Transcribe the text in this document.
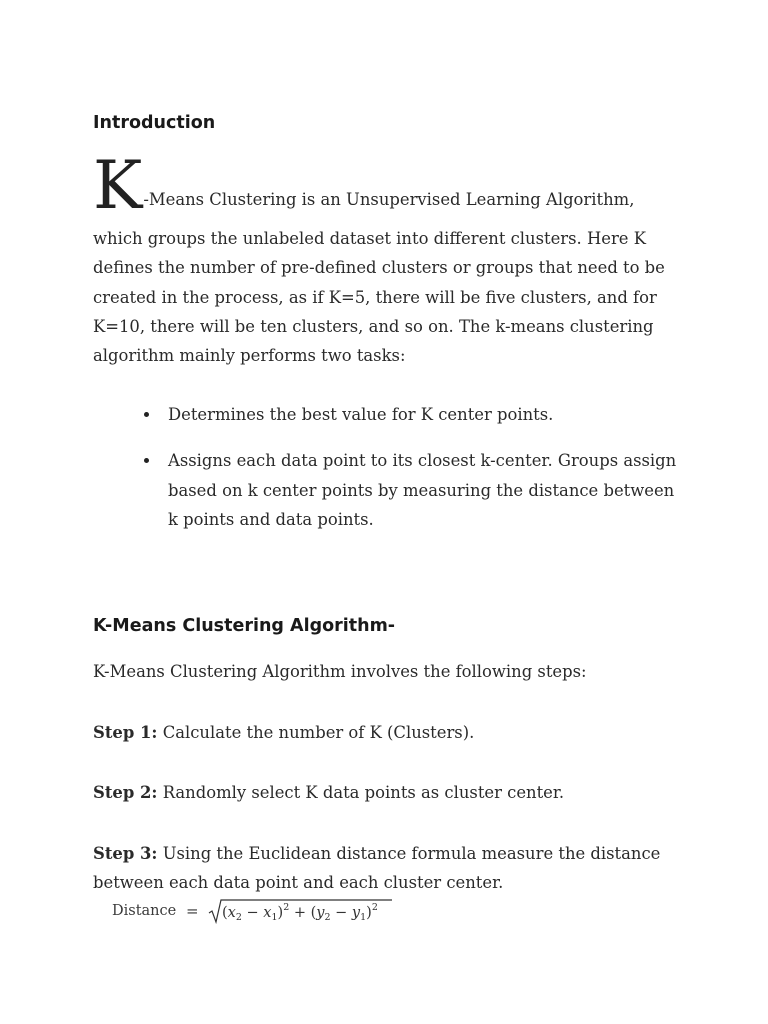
Introduction
K -Means Clustering is an Unsupervised Learning Algorithm,

which groups the unlabeled dataset into different clusters. Here K defines the number of pre-defined clusters or groups that need to be created in the process, as if K=5, there will be five clusters, and for K=10, there will be ten clusters, and so on. The k-means clustering algorithm mainly performs two tasks:

Determines the best value for K center points.
Assigns each data point to its closest k-center. Groups assign based on k center points by measuring the distance between k points and data points.
K-Means Clustering Algorithm-

K-Means Clustering Algorithm involves the following steps:

Step 1: Calculate the number of K (Clusters).

Step 2: Randomly select K data points as cluster center.

Step 3: Using the Euclidean distance formula measure the distance between each data point and each cluster center.

Distance = $(x_2 - x_1)^2 + (y_2 - y_1)^2$
